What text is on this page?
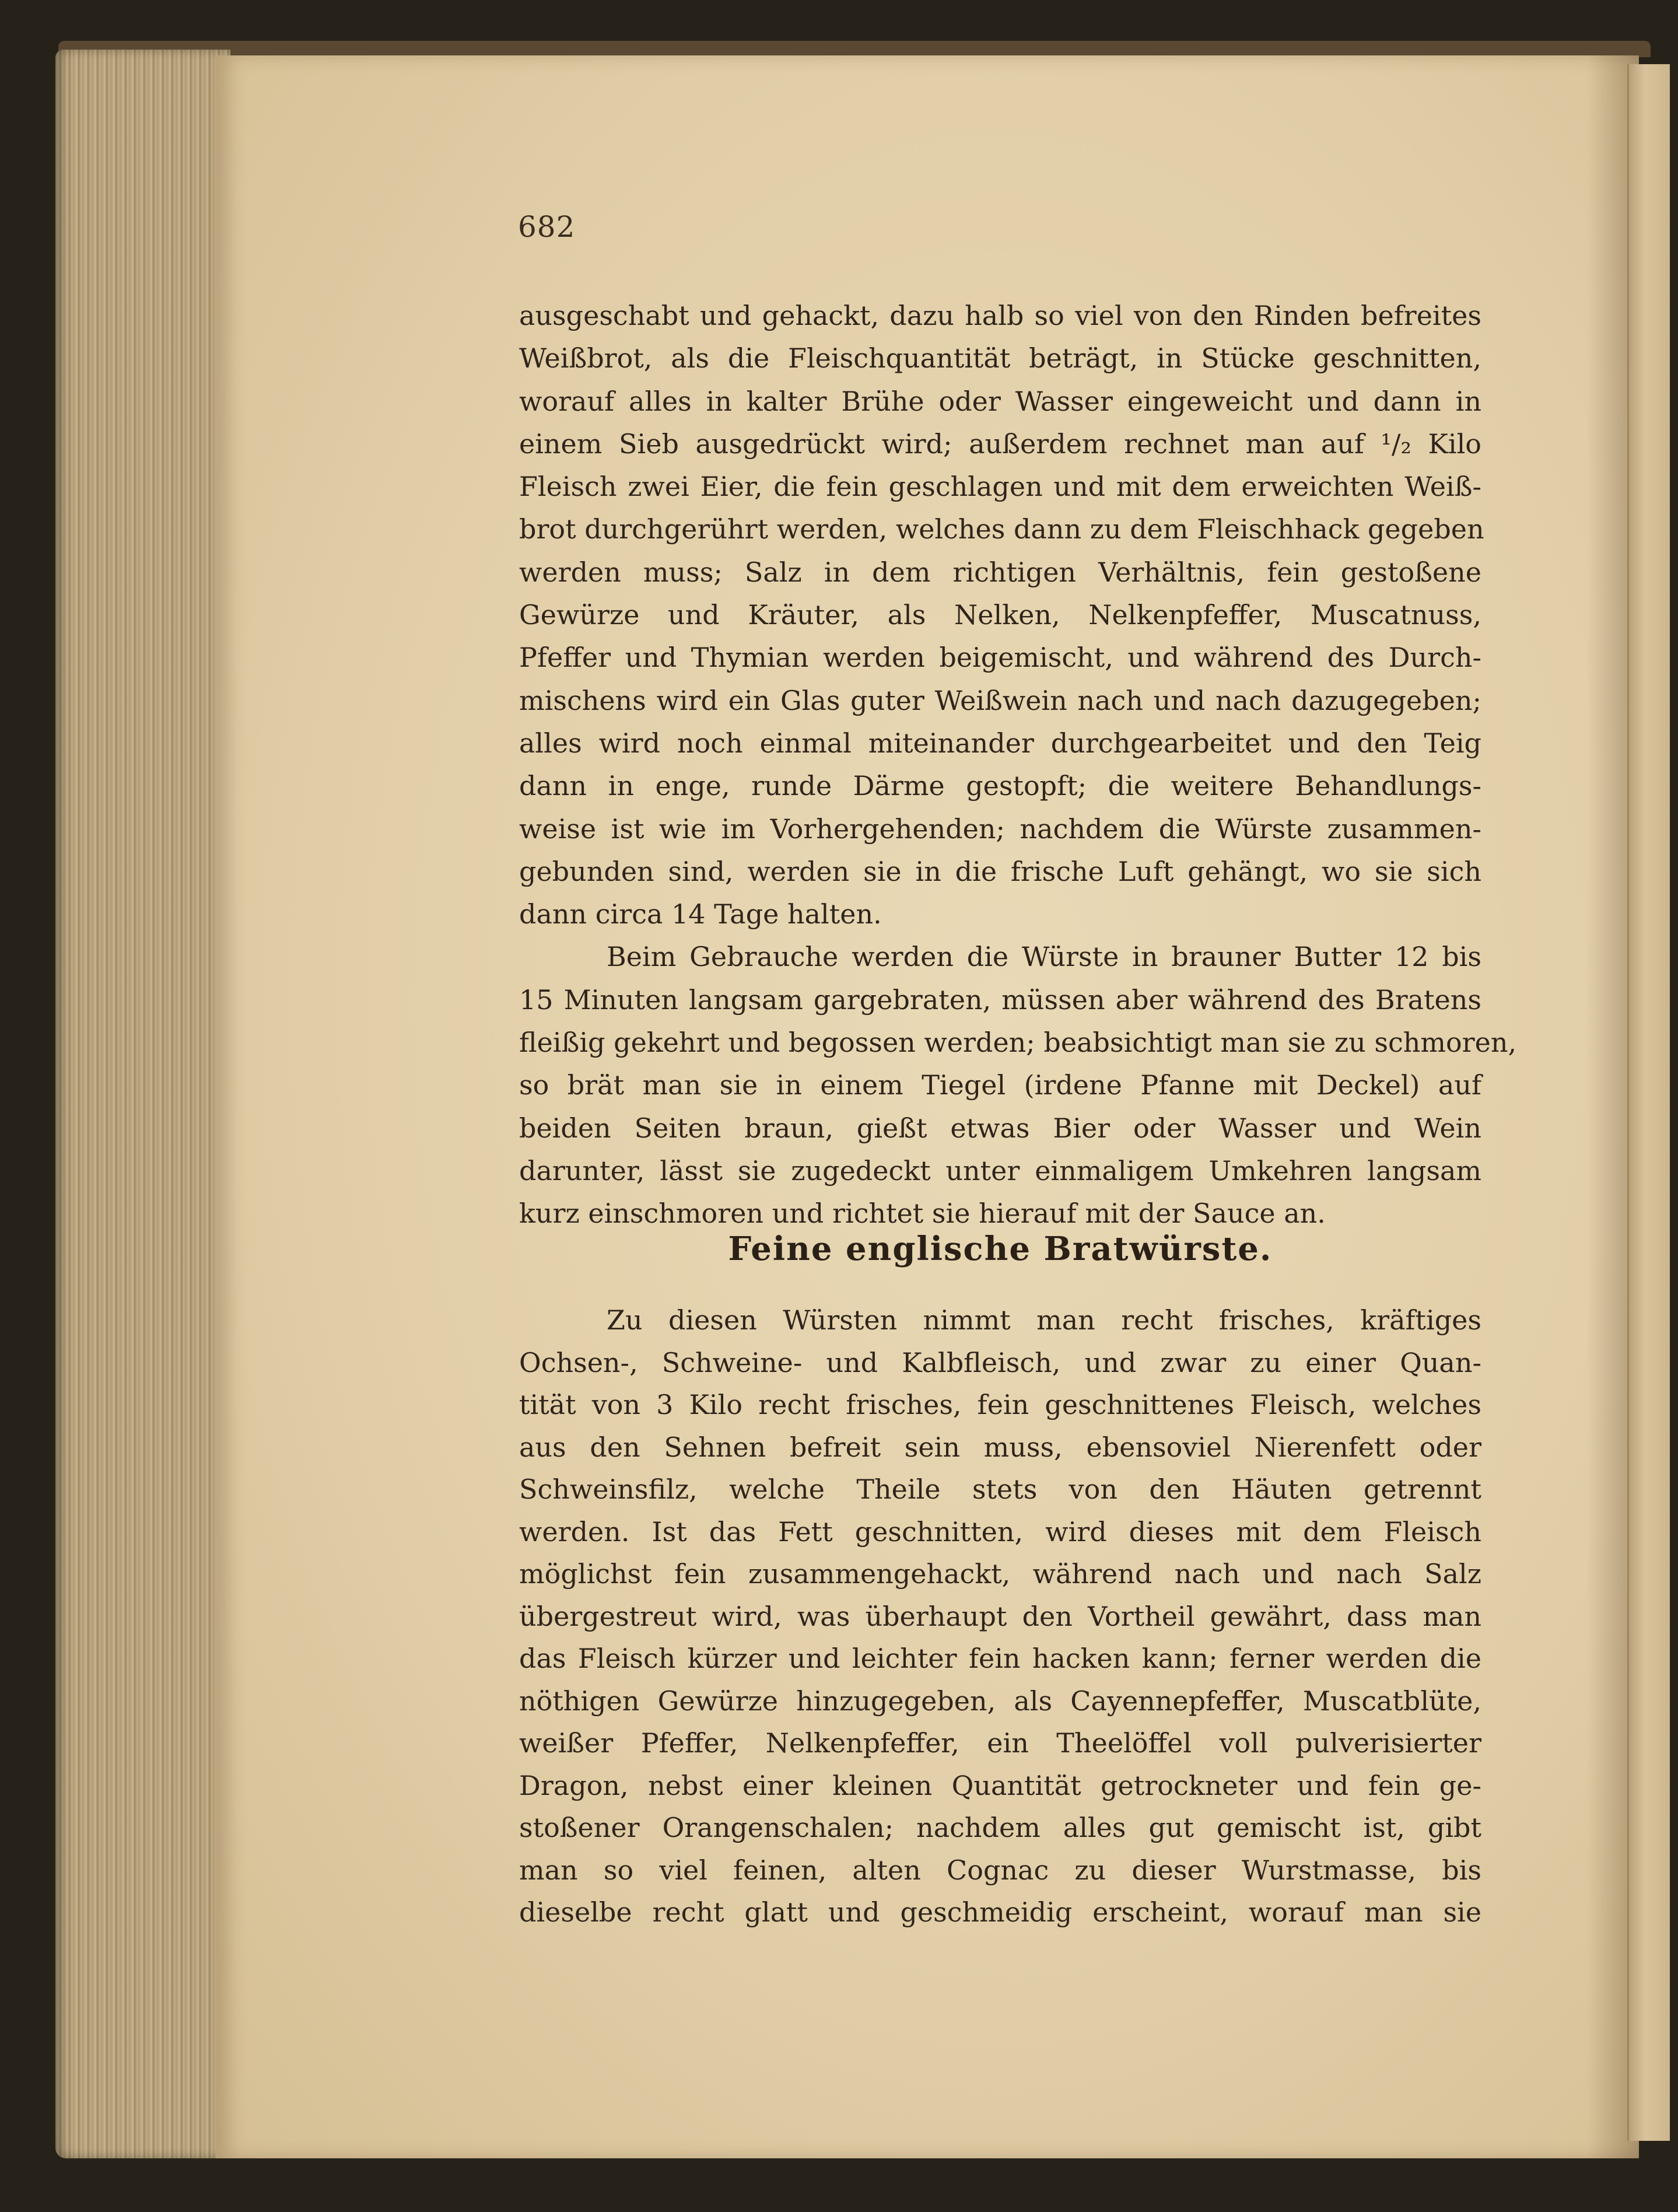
682
ausgeschabt und gehackt, dazu halb so viel von den Rinden befreites
Weißbrot, als die Fleischquantität beträgt, in Stücke geschnitten,
worauf alles in kalter Brühe oder Wasser eingeweicht und dann in
einem Sieb ausgedrückt wird; außerdem rechnet man auf ¹/₂ Kilo
Fleisch zwei Eier, die fein geschlagen und mit dem erweichten Weiß-
brot durchgerührt werden, welches dann zu dem Fleischhack gegeben
werden muss; Salz in dem richtigen Verhältnis, fein gestoßene
Gewürze und Kräuter, als Nelken, Nelkenpfeffer, Muscatnuss,
Pfeffer und Thymian werden beigemischt, und während des Durch-
mischens wird ein Glas guter Weißwein nach und nach dazugegeben;
alles wird noch einmal miteinander durchgearbeitet und den Teig
dann in enge, runde Därme gestopft; die weitere Behandlungs-
weise ist wie im Vorhergehenden; nachdem die Würste zusammen-
gebunden sind, werden sie in die frische Luft gehängt, wo sie sich
dann circa 14 Tage halten.
Beim Gebrauche werden die Würste in brauner Butter 12 bis
15 Minuten langsam gargebraten, müssen aber während des Bratens
fleißig gekehrt und begossen werden; beabsichtigt man sie zu schmoren,
so brät man sie in einem Tiegel (irdene Pfanne mit Deckel) auf
beiden Seiten braun, gießt etwas Bier oder Wasser und Wein
darunter, lässt sie zugedeckt unter einmaligem Umkehren langsam
kurz einschmoren und richtet sie hierauf mit der Sauce an.
Feine englische Bratwürste.
Zu diesen Würsten nimmt man recht frisches, kräftiges
Ochsen-, Schweine- und Kalbfleisch, und zwar zu einer Quan-
tität von 3 Kilo recht frisches, fein geschnittenes Fleisch, welches
aus den Sehnen befreit sein muss, ebensoviel Nierenfett oder
Schweinsfilz, welche Theile stets von den Häuten getrennt
werden. Ist das Fett geschnitten, wird dieses mit dem Fleisch
möglichst fein zusammengehackt, während nach und nach Salz
übergestreut wird, was überhaupt den Vortheil gewährt, dass man
das Fleisch kürzer und leichter fein hacken kann; ferner werden die
nöthigen Gewürze hinzugegeben, als Cayennepfeffer, Muscatblüte,
weißer Pfeffer, Nelkenpfeffer, ein Theelöffel voll pulverisierter
Dragon, nebst einer kleinen Quantität getrockneter und fein ge-
stoßener Orangenschalen; nachdem alles gut gemischt ist, gibt
man so viel feinen, alten Cognac zu dieser Wurstmasse, bis
dieselbe recht glatt und geschmeidig erscheint, worauf man sie
